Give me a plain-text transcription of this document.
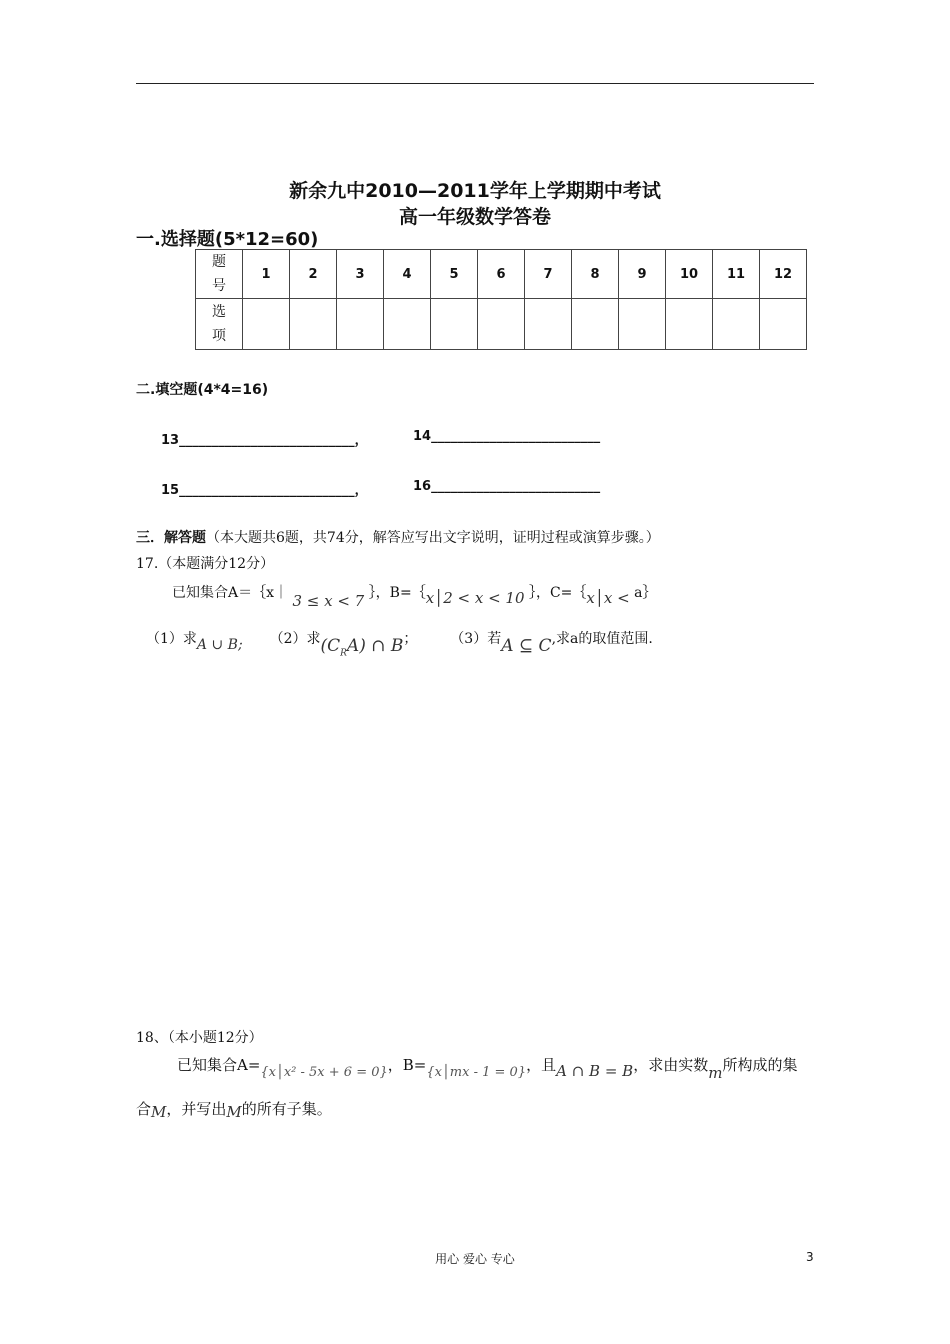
新余九中2010—2011学年上学期期中考试
高一年级数学答卷
一.选择题(5*12=60)
题号	1	2	3	4	5	6	7	8	9	10	11	12
选项												
二.填空题(4*4=16)
13___________________________，	14__________________________
15___________________________，	16__________________________
三．解答题（本大题共6题，共74分，解答应写出文字说明，证明过程或演算步骤。）
17.（本题满分12分）
已知集合A＝｛x｜ 3 ≤ x < 7 ｝，B=｛x│2 < x < 10 ｝，C=｛x│x < a｝
（1）求A ∪ B; （2）求$(C_RA)$ ∩ B； （3）若A ⊆ C,求a的取值范围.
18、（本小题12分）
已知集合A={x│x² - 5x + 6 = 0}，B={x│mx - 1 = 0}，且A ∩ B = B，求由实数m所构成的集
合M，并写出M的所有子集。
用心 爱心 专心	3
